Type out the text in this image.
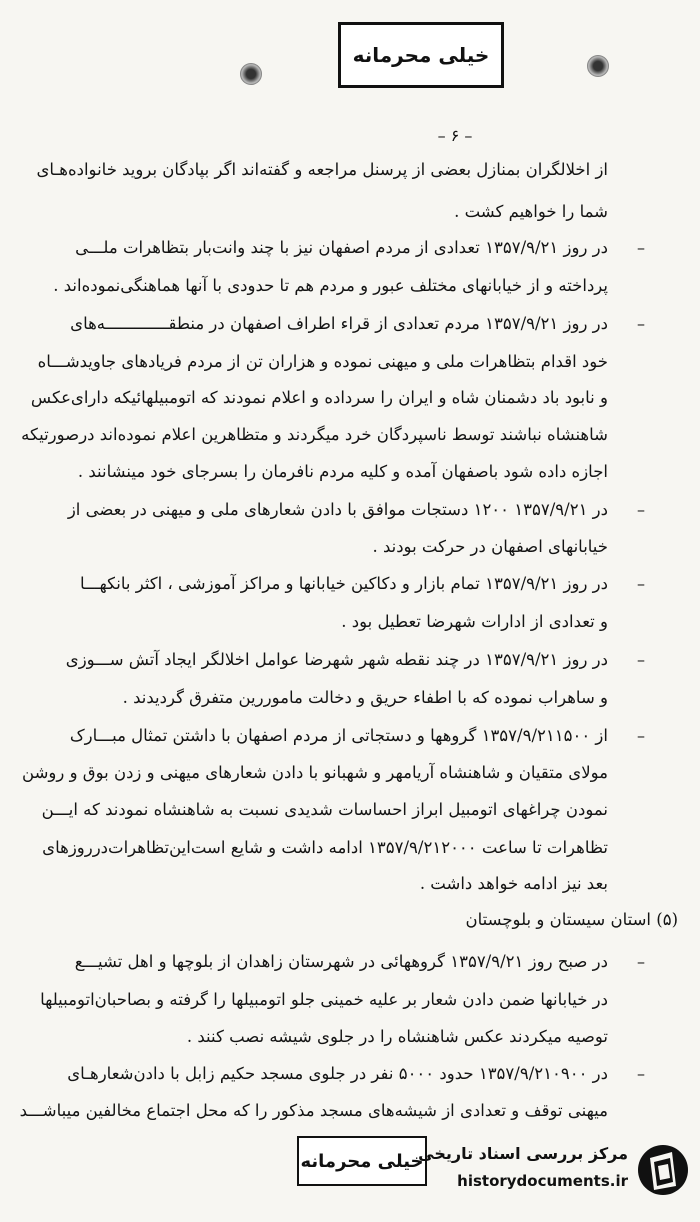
خیلی محرمانه
– ۶ –
از اخلالگران بمنازل بعضی از پرسنل مراجعه و گفته‌اند اگر بپادگان بروید خانواده‌هـای
شما را خواهیم کشت .
–
در روز ۱۳۵۷/۹/۲۱ تعدادی از مردم اصفهان نیز با چند وانت‌بار بتظاهرات ملـــی
پرداخته و از خیابانهای مختلف عبور و مردم هم تا حدودی با آنها هماهنگی‌نموده‌اند .
–
در روز ۱۳۵۷/۹/۲۱ مردم تعدادی از قراء اطراف اصفهان در منطقـــــــــــــه‌های
خود اقدام بتظاهرات ملی و میهنی نموده و هزاران تن از مردم فریادهای جاویدشـــاه
و نابود باد دشمنان شاه و ایران را سرداده و اعلام نمودند که اتومبیلهائیکه دارای‌عکس
شاهنشاه نباشند توسط ناسپردگان خرد میگردند و متظاهرین اعلام نموده‌اند درصورتیکه
اجازه داده شود باصفهان آمده و کلیه مردم نافرمان را بسرجای خود مینشانند .
–
در ۱۳۵۷/۹/۲۱ ۱۲۰۰ دستجات موافق با دادن شعارهای ملی و میهنی در بعضی از
خیابانهای اصفهان در حرکت بودند .
–
در روز ۱۳۵۷/۹/۲۱ تمام بازار و دکاکین خیابانها و مراکز آموزشی ، اکثر بانکهـــا
و تعدادی از ادارات شهرضا تعطیل بود .
–
در روز ۱۳۵۷/۹/۲۱ در چند نقطه شهر شهرضا عوامل اخلالگر ایجاد آتش ســـوزی
و ساهراب نموده که با اطفاء حریق و دخالت ماموررین متفرق گردیدند .
–
از ۱۳۵۷/۹/۲۱۱۵۰۰ گروهها و دستجاتی از مردم اصفهان با داشتن تمثال مبـــارک
مولای متقیان و شاهنشاه آریامهر و شهبانو با دادن شعارهای میهنی و زدن بوق و روشن
نمودن چراغهای اتومبیل ابراز احساسات شدیدی نسبت به شاهنشاه نمودند که ایـــن
تظاهرات تا ساعت ۱۳۵۷/۹/۲۱۲۰۰۰ ادامه داشت و شایع است‌این‌تظاهرات‌درروزهای
بعد نیز ادامه خواهد داشت .
(۵) استان سیستان و بلوچستان
–
در صبح روز ۱۳۵۷/۹/۲۱ گروههائی در شهرستان زاهدان از بلوچها و اهل تشیـــع
در خیابانها ضمن دادن شعار بر علیه خمینی جلو اتومبیلها را گرفته و بصاحبان‌اتومبیلها
توصیه میکردند عکس شاهنشاه را در جلوی شیشه نصب کنند .
–
در ۱۳۵۷/۹/۲۱۰۹۰۰ حدود ۵۰۰۰ نفر در جلوی مسجد حکیم زابل با دادن‌شعارهـای
میهنی توقف و تعدادی از شیشه‌های مسجد مذکور را که محل اجتماع مخالفین میباشـــد
خیلی محرمانه
مرکز بررسی اسناد تاریخی
historydocuments.ir
